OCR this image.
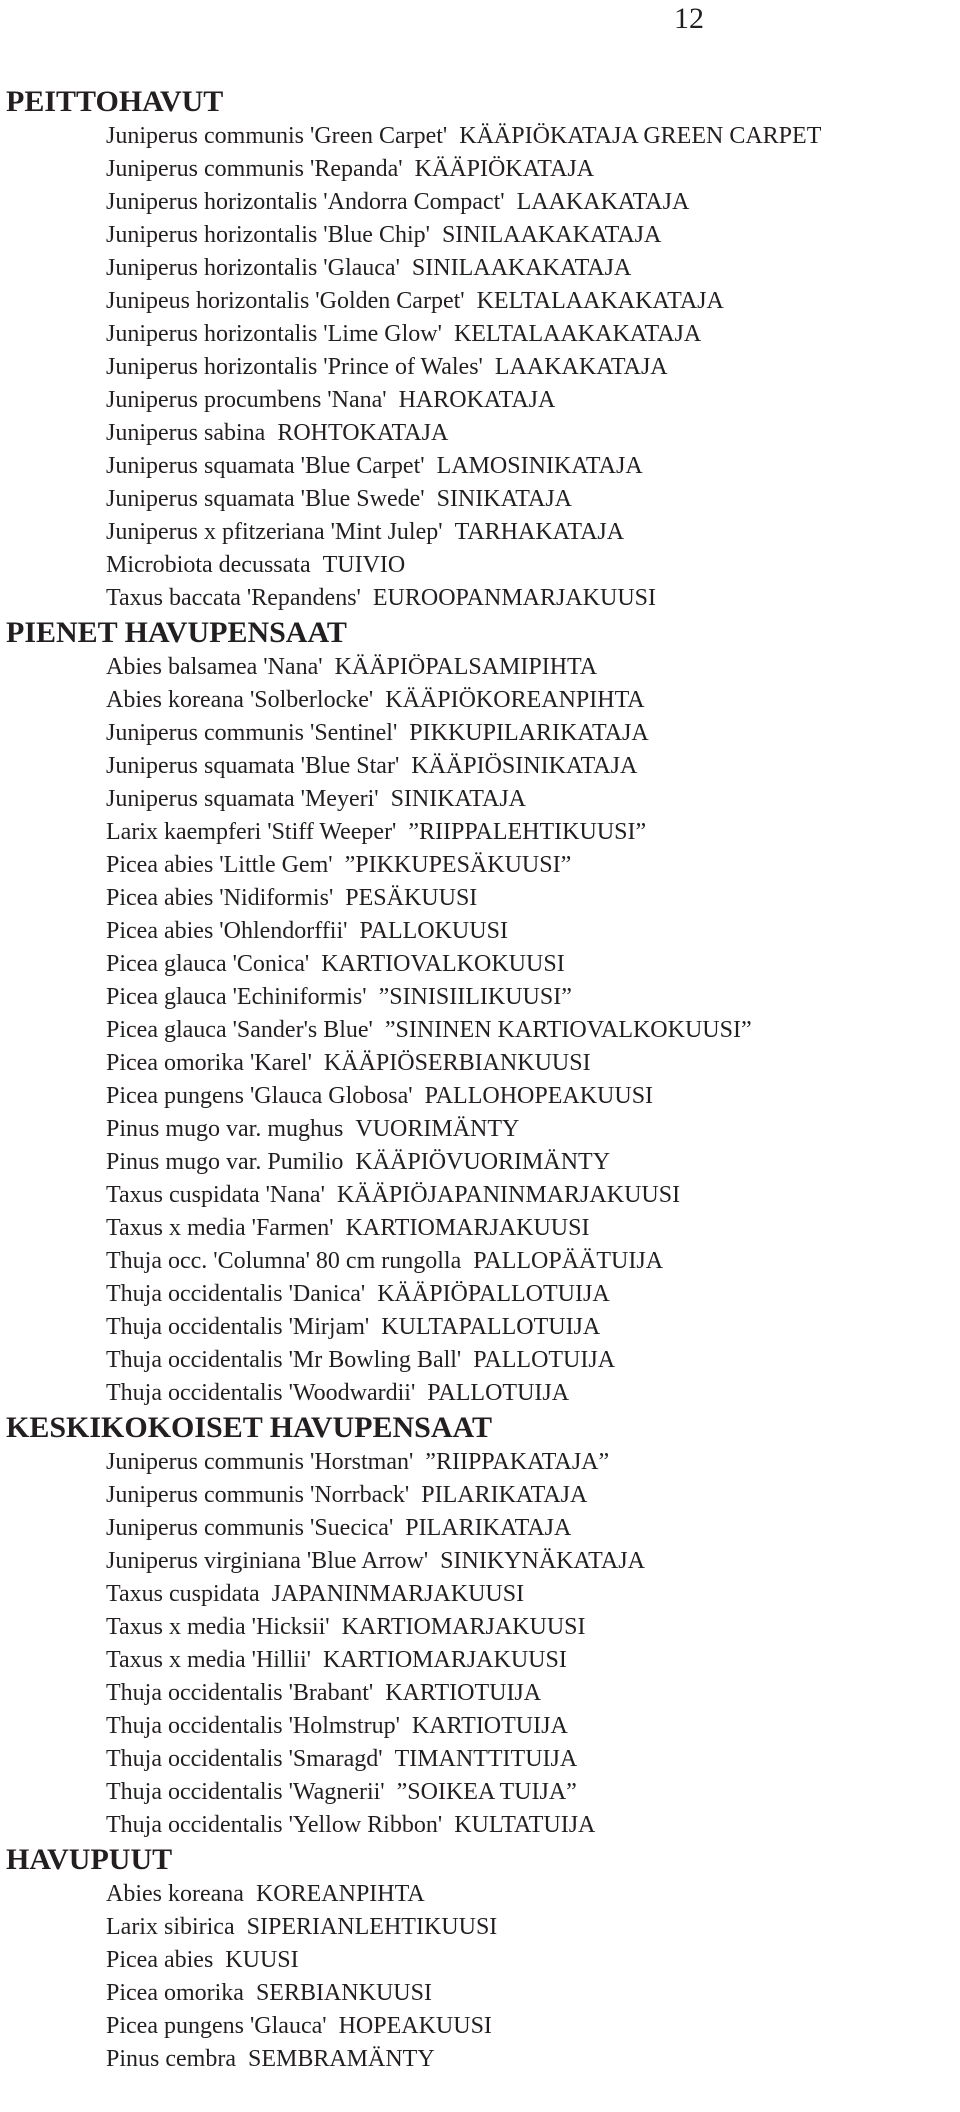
12
PEITTOHAVUT
Juniperus communis 'Green Carpet' KÄÄPIÖKATAJA GREEN CARPET
Juniperus communis 'Repanda' KÄÄPIÖKATAJA
Juniperus horizontalis 'Andorra Compact' LAAKAKATAJA
Juniperus horizontalis 'Blue Chip' SINILAAKAKATAJA
Juniperus horizontalis 'Glauca' SINILAAKAKATAJA
Junipeus horizontalis 'Golden Carpet' KELTALAAKAKATAJA
Juniperus horizontalis 'Lime Glow' KELTALAAKAKATAJA
Juniperus horizontalis 'Prince of Wales' LAAKAKATAJA
Juniperus procumbens 'Nana' HAROKATAJA
Juniperus sabina ROHTOKATAJA
Juniperus squamata 'Blue Carpet' LAMOSINIKATAJA
Juniperus squamata 'Blue Swede' SINIKATAJA
Juniperus x pfitzeriana 'Mint Julep' TARHAKATAJA
Microbiota decussata TUIVIO
Taxus baccata 'Repandens' EUROOPANMARJAKUUSI
PIENET HAVUPENSAAT
Abies balsamea 'Nana' KÄÄPIÖPALSAMIPIHTA
Abies koreana 'Solberlocke' KÄÄPIÖKOREANPIHTA
Juniperus communis 'Sentinel' PIKKUPILARIKATAJA
Juniperus squamata 'Blue Star' KÄÄPIÖSINIKATAJA
Juniperus squamata 'Meyeri' SINIKATAJA
Larix kaempferi 'Stiff Weeper' ”RIIPPALEHTIKUUSI”
Picea abies 'Little Gem' ”PIKKUPESÄKUUSI”
Picea abies 'Nidiformis' PESÄKUUSI
Picea abies 'Ohlendorffii' PALLOKUUSI
Picea glauca 'Conica' KARTIOVALKOKUUSI
Picea glauca 'Echiniformis' ”SINISIILIKUUSI”
Picea glauca 'Sander's Blue' ”SININEN KARTIOVALKOKUUSI”
Picea omorika 'Karel' KÄÄPIÖSERBIANKUUSI
Picea pungens 'Glauca Globosa' PALLOHOPEAKUUSI
Pinus mugo var. mughus VUORIMÄNTY
Pinus mugo var. Pumilio KÄÄPIÖVUORIMÄNTY
Taxus cuspidata 'Nana' KÄÄPIÖJAPANINMARJAKUUSI
Taxus x media 'Farmen' KARTIOMARJAKUUSI
Thuja occ. 'Columna' 80 cm rungolla PALLOPÄÄTUIJA
Thuja occidentalis 'Danica' KÄÄPIÖPALLOTUIJA
Thuja occidentalis 'Mirjam' KULTAPALLOTUIJA
Thuja occidentalis 'Mr Bowling Ball' PALLOTUIJA
Thuja occidentalis 'Woodwardii' PALLOTUIJA
KESKIKOKOISET HAVUPENSAAT
Juniperus communis 'Horstman' ”RIIPPAKATAJA”
Juniperus communis 'Norrback' PILARIKATAJA
Juniperus communis 'Suecica' PILARIKATAJA
Juniperus virginiana 'Blue Arrow' SINIKYNÄKATAJA
Taxus cuspidata JAPANINMARJAKUUSI
Taxus x media 'Hicksii' KARTIOMARJAKUUSI
Taxus x media 'Hillii' KARTIOMARJAKUUSI
Thuja occidentalis 'Brabant' KARTIOTUIJA
Thuja occidentalis 'Holmstrup' KARTIOTUIJA
Thuja occidentalis 'Smaragd' TIMANTTITUIJA
Thuja occidentalis 'Wagnerii' ”SOIKEA TUIJA”
Thuja occidentalis 'Yellow Ribbon' KULTATUIJA
HAVUPUUT
Abies koreana KOREANPIHTA
Larix sibirica SIPERIANLEHTIKUUSI
Picea abies KUUSI
Picea omorika SERBIANKUUSI
Picea pungens 'Glauca' HOPEAKUUSI
Pinus cembra SEMBRAMÄNTY
